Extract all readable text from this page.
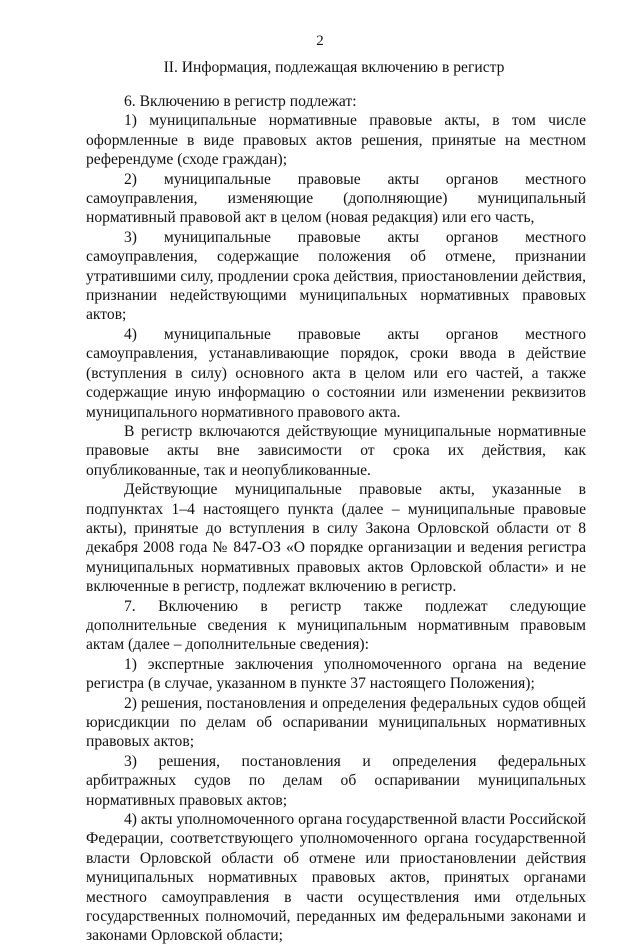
2
II. Информация, подлежащая включению в регистр

6. Включению в регистр подлежат:

1) муниципальные нормативные правовые акты, в том числе оформленные в виде правовых актов решения, принятые на местном референдуме (сходе граждан);

2) муниципальные правовые акты органов местного самоуправления, изменяющие (дополняющие) муниципальный нормативный правовой акт в целом (новая редакция) или его часть,

3) муниципальные правовые акты органов местного самоуправления, содержащие положения об отмене, признании утратившими силу, продлении срока действия, приостановлении действия, признании недействующими муниципальных нормативных правовых актов;

4) муниципальные правовые акты органов местного самоуправления, устанавливающие порядок, сроки ввода в действие (вступления в силу) основного акта в целом или его частей, а также содержащие иную информацию о состоянии или изменении реквизитов муниципального нормативного правового акта.

В регистр включаются действующие муниципальные нормативные правовые акты вне зависимости от срока их действия, как опубликованные, так и неопубликованные.

Действующие муниципальные правовые акты, указанные в подпунктах 1–4 настоящего пункта (далее – муниципальные правовые акты), принятые до вступления в силу Закона Орловской области от 8 декабря 2008 года № 847-ОЗ «О порядке организации и ведения регистра муниципальных нормативных правовых актов Орловской области» и не включенные в регистр, подлежат включению в регистр.

7. Включению в регистр также подлежат следующие дополнительные сведения к муниципальным нормативным правовым актам (далее – дополнительные сведения):

1) экспертные заключения уполномоченного органа на ведение регистра (в случае, указанном в пункте 37 настоящего Положения);

2) решения, постановления и определения федеральных судов общей юрисдикции по делам об оспаривании муниципальных нормативных правовых актов;

3) решения, постановления и определения федеральных арбитражных судов по делам об оспаривании муниципальных нормативных правовых актов;

4) акты уполномоченного органа государственной власти Российской Федерации, соответствующего уполномоченного органа государственной власти Орловской области об отмене или приостановлении действия муниципальных нормативных правовых актов, принятых органами местного самоуправления в части осуществления ими отдельных государственных полномочий, переданных им федеральными законами и законами Орловской области;
